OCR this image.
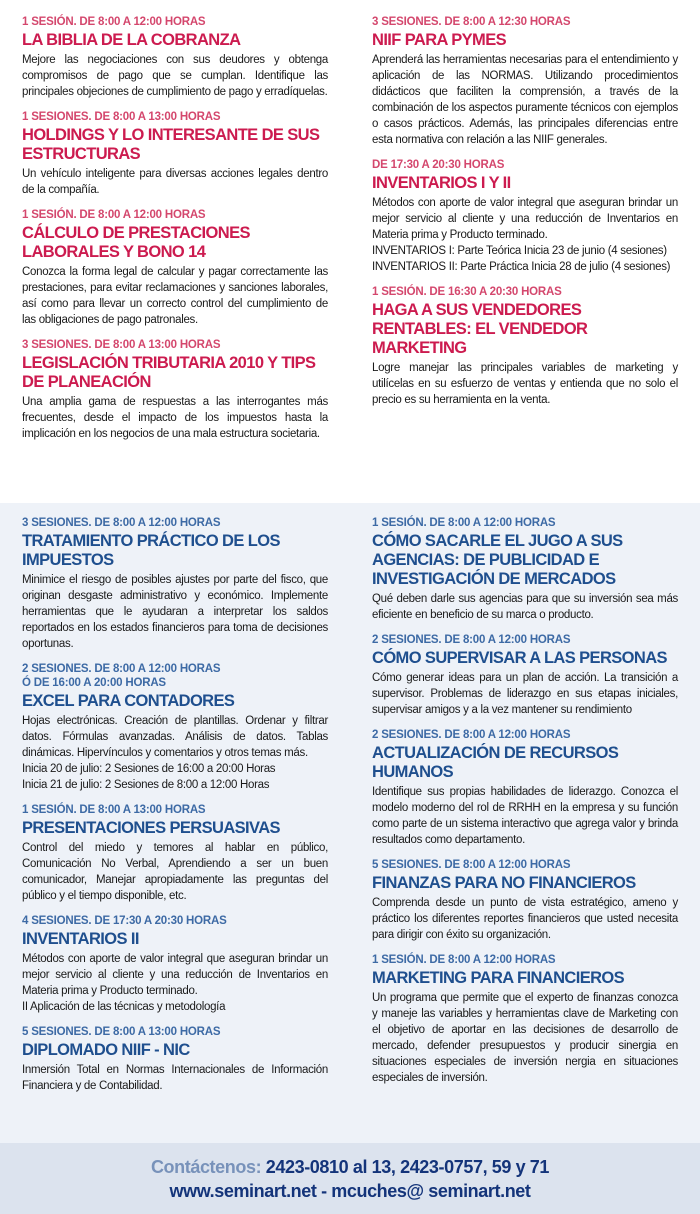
1 SESIÓN. DE 8:00 A 12:00 HORAS
LA BIBLIA DE LA COBRANZA
Mejore las negociaciones con sus deudores y obtenga compromisos de pago que se cumplan. Identifique las principales objeciones de cumplimiento de pago y erradíquelas.
1 SESIONES. DE 8:00 A 13:00 HORAS
HOLDINGS Y LO INTERESANTE DE SUS ESTRUCTURAS
Un vehículo inteligente para diversas acciones legales dentro de la compañía.
1 SESIÓN. DE 8:00 A 12:00 HORAS
CÁLCULO DE PRESTACIONES LABORALES Y BONO 14
Conozca la forma legal de calcular y pagar correctamente las prestaciones, para evitar reclamaciones y sanciones laborales, así como para llevar un correcto control del cumplimiento de las obligaciones de pago patronales.
3 SESIONES. DE 8:00 A 13:00 HORAS
LEGISLACIÓN TRIBUTARIA 2010 Y TIPS DE PLANEACIÓN
Una amplia gama de respuestas a las interrogantes más frecuentes, desde el impacto de los impuestos hasta la implicación en los negocios de una mala estructura societaria.
3 SESIONES. DE 8:00 A 12:30 HORAS
NIIF PARA PYMES
Aprenderá las herramientas necesarias para el entendimiento y aplicación de las NORMAS. Utilizando procedimientos didácticos que faciliten la comprensión, a través de la combinación de los aspectos puramente técnicos con ejemplos o casos prácticos. Además, las principales diferencias entre esta normativa con relación a las NIIF generales.
DE 17:30 A 20:30 HORAS
INVENTARIOS I Y II
Métodos con aporte de valor integral que aseguran brindar un mejor servicio al cliente y una reducción de Inventarios en Materia prima y Producto terminado.
INVENTARIOS I: Parte Teórica Inicia 23 de junio (4 sesiones)
INVENTARIOS II: Parte Práctica Inicia 28 de julio (4 sesiones)
1 SESIÓN. DE 16:30 A 20:30 HORAS
HAGA A SUS VENDEDORES RENTABLES: EL VENDEDOR MARKETING
Logre manejar las principales variables de marketing y utilícelas en su esfuerzo de ventas y entienda que no solo el precio es su herramienta en la venta.
3 SESIONES. DE 8:00 A 12:00 HORAS
TRATAMIENTO PRÁCTICO DE LOS IMPUESTOS
Minimice el riesgo de posibles ajustes por parte del fisco, que originan desgaste administrativo y económico. Implemente herramientas que le ayudaran a interpretar los saldos reportados en los estados financieros para toma de decisiones oportunas.
2 SESIONES. DE 8:00 A 12:00 HORAS
Ó DE 16:00 A 20:00 HORAS
EXCEL PARA CONTADORES
Hojas electrónicas. Creación de plantillas. Ordenar y filtrar datos. Fórmulas avanzadas. Análisis de datos. Tablas dinámicas. Hipervínculos y comentarios y otros temas más.
Inicia 20 de julio: 2 Sesiones de 16:00 a 20:00 Horas
Inicia 21 de julio: 2 Sesiones de 8:00 a 12:00 Horas
1 SESIÓN. DE 8:00 A 13:00 HORAS
PRESENTACIONES PERSUASIVAS
Control del miedo y temores al hablar en público, Comunicación No Verbal, Aprendiendo a ser un buen comunicador, Manejar apropiadamente las preguntas del público y el tiempo disponible, etc.
4 SESIONES. DE 17:30 A 20:30 HORAS
INVENTARIOS II
Métodos con aporte de valor integral que aseguran brindar un mejor servicio al cliente y una reducción de Inventarios en Materia prima y Producto terminado.
II Aplicación de las técnicas y metodología
5 SESIONES. DE 8:00 A 13:00 HORAS
DIPLOMADO NIIF - NIC
Inmersión Total en Normas Internacionales de Información Financiera y de Contabilidad.
1 SESIÓN. DE 8:00 A 12:00 HORAS
CÓMO SACARLE EL JUGO A SUS AGENCIAS: DE PUBLICIDAD E INVESTIGACIÓN DE MERCADOS
Qué deben darle sus agencias para que su inversión sea más eficiente en beneficio de su marca o producto.
2 SESIONES. DE 8:00 A 12:00 HORAS
CÓMO SUPERVISAR A LAS PERSONAS
Cómo generar ideas para un plan de acción. La transición a supervisor. Problemas de liderazgo en sus etapas iniciales, supervisar amigos y a la vez mantener su rendimiento
2 SESIONES. DE 8:00 A 12:00 HORAS
ACTUALIZACIÓN DE RECURSOS HUMANOS
Identifique sus propias habilidades de liderazgo. Conozca el modelo moderno del rol de RRHH en la empresa y su función como parte de un sistema interactivo que agrega valor y brinda resultados como departamento.
5 SESIONES. DE 8:00 A 12:00 HORAS
FINANZAS PARA NO FINANCIEROS
Comprenda desde un punto de vista estratégico, ameno y práctico los diferentes reportes financieros que usted necesita para dirigir con éxito su organización.
1 SESIÓN. DE 8:00 A 12:00 HORAS
MARKETING PARA FINANCIEROS
Un programa que permite que el experto de finanzas conozca y maneje las variables y herramientas clave de Marketing con el objetivo de aportar en las decisiones de desarrollo de mercado, defender presupuestos y producir sinergia en situaciones especiales de inversión nergia en situaciones especiales de inversión.
Contáctenos: 2423-0810 al 13, 2423-0757, 59 y 71
www.seminart.net - mcuches@ seminart.net
